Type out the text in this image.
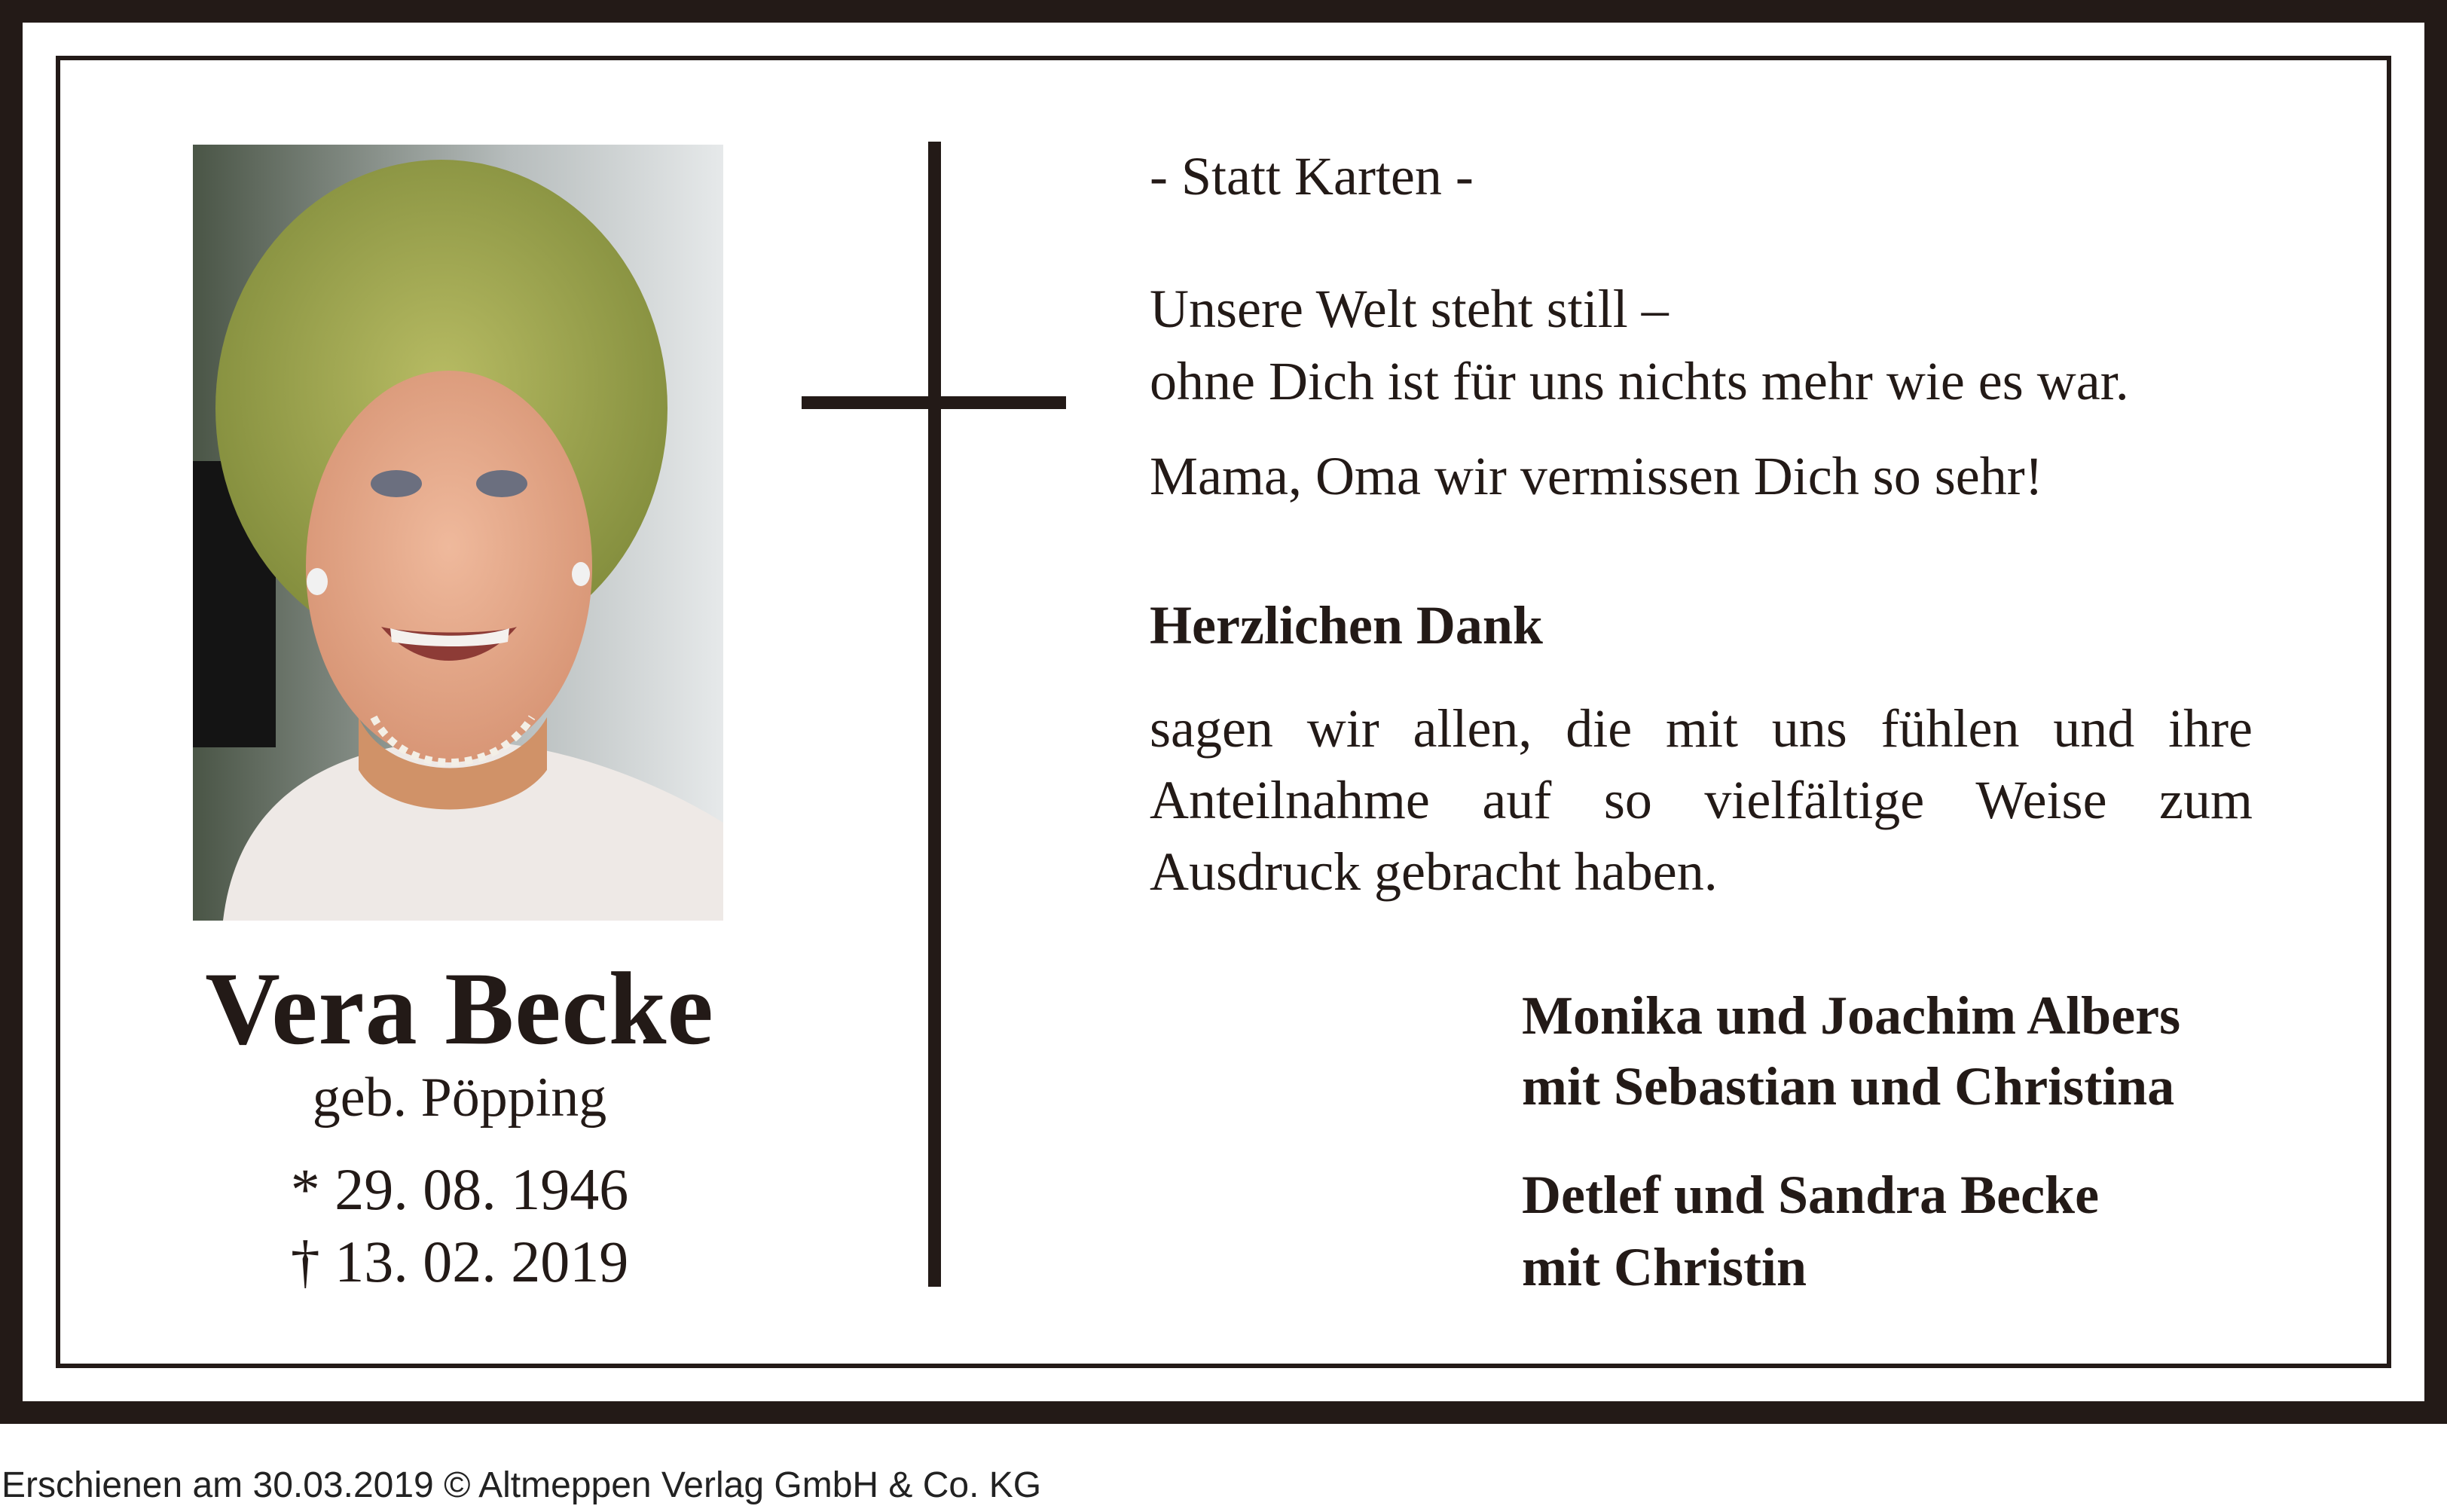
Vera Becke
geb. Pöpping
* 29. 08. 1946
† 13. 02. 2019
- Statt Karten -
Unsere Welt steht still –
ohne Dich ist für uns nichts mehr wie es war.
Mama, Oma wir vermissen Dich so sehr!
Herzlichen Dank
sagen wir allen, die mit uns fühlen und ihre Anteilnahme auf so vielfältige Weise zum Ausdruck gebracht haben.
Monika und Joachim Albers
mit Sebastian und Christina
Detlef und Sandra Becke
mit Christin
Erschienen am 30.03.2019 © Altmeppen Verlag GmbH & Co. KG
